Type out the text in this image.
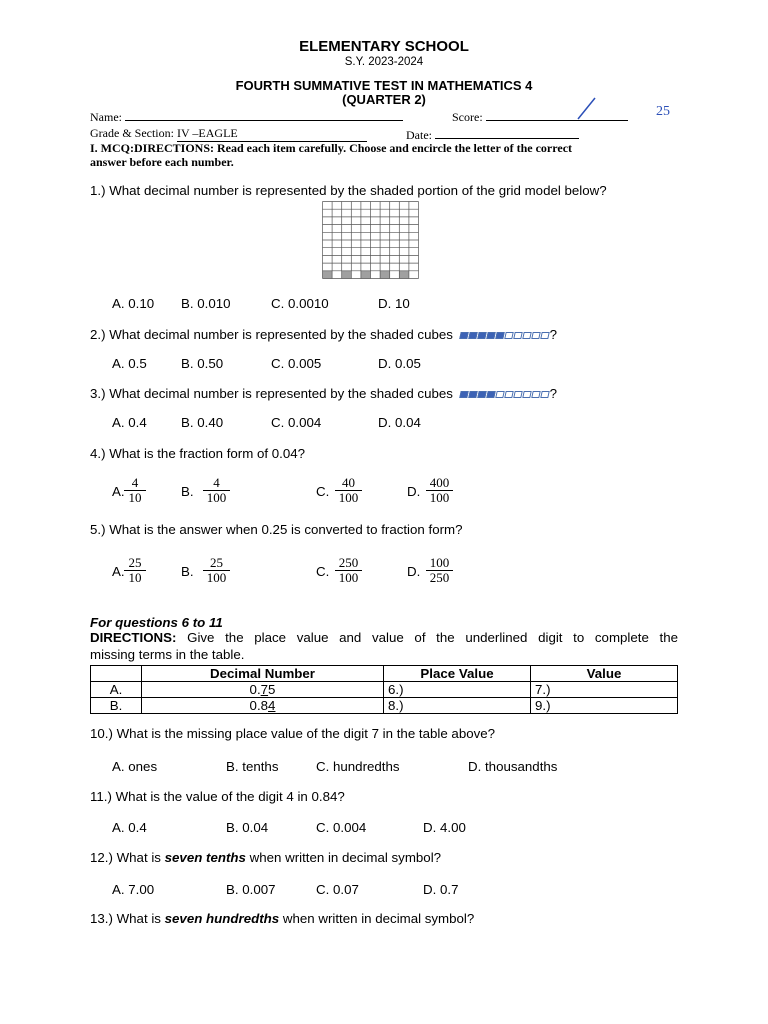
ELEMENTARY SCHOOL
S.Y. 2023-2024
FOURTH SUMMATIVE TEST IN MATHEMATICS 4
(QUARTER 2)
Name:	Score:	25
Grade & Section: IV –EAGLE	Date:
I. MCQ:DIRECTIONS: Read each item carefully. Choose and encircle the letter of the correct
answer before each number.
1.) What decimal number is represented by the shaded portion of the grid model below?
A. 0.10 B. 0.010	C. 0.0010	D. 10
2.) What decimal number is represented by the shaded cubes	?
A. 0.5	B. 0.50	C. 0.005	D. 0.05
3.) What decimal number is represented by the shaded cubes	?
A. 0.4	B. 0.40	C. 0.004	D. 0.04
4.) What is the fraction form of 0.04?
A. $\frac{4}{10}$	B. $\frac{4}{100}$	C. $\frac{40}{100}$	D. $\frac{400}{100}$
5.) What is the answer when 0.25 is converted to fraction form?
A. $\frac{25}{10}$	B. $\frac{25}{100}$	C. $\frac{250}{100}$	D. $\frac{100}{250}$
For questions 6 to 11
DIRECTIONS: Give the place value and value of the underlined digit to complete the
missing terms in the table.
	Decimal Number	Place Value	Value
A.	0.75	6.)	7.)
B.	0.84	8.)	9.)
10.) What is the missing place value of the digit 7 in the table above?
A. ones	B. tenths	C. hundredths	D. thousandths
11.) What is the value of the digit 4 in 0.84?
A. 0.4	B. 0.04	C. 0.004	D. 4.00
12.) What is seven tenths when written in decimal symbol?
A. 7.00	B. 0.007	C. 0.07	D. 0.7
13.) What is seven hundredths when written in decimal symbol?
